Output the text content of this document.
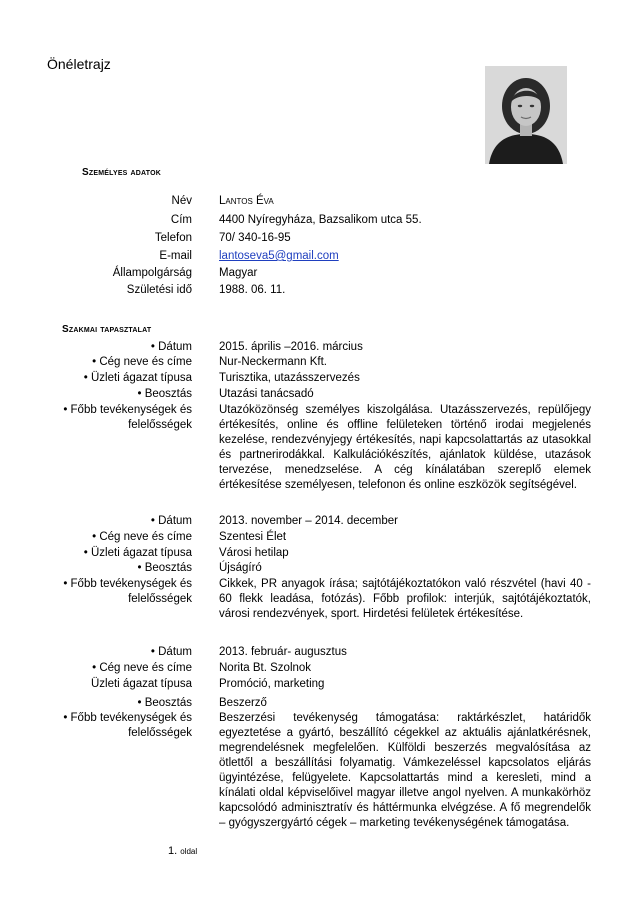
Önéletrajz
Személyes adatok
Név Lantos Éva
Cím 4400 Nyíregyháza, Bazsalikom utca 55.
Telefon 70/ 340-16-95
E-mail lantoseva5@gmail.com
Állampolgárság Magyar
Születési idő 1988. 06. 11.
Szakmai tapasztalat
• Dátum 2015. április –2016. március
• Cég neve és címe Nur-Neckermann Kft.
• Üzleti ágazat típusa Turisztika, utazásszervezés
• Beosztás Utazási tanácsadó
• Főbb tevékenységek és
felelősségek
Utazóközönség személyes kiszolgálása. Utazásszervezés, repülőjegy értékesítés, online és offline felületeken történő irodai megjelenés kezelése, rendezvényjegy értékesítés, napi kapcsolattartás az utasokkal és partnerirodákkal. Kalkulációkészítés, ajánlatok küldése, utazások tervezése, menedzselése. A cég kínálatában szereplő elemek értékesítése személyesen, telefonon és online eszközök segítségével.
• Dátum 2013. november – 2014. december
• Cég neve és címe Szentesi Élet
• Üzleti ágazat típusa Városi hetilap
• Beosztás Újságíró
• Főbb tevékenységek és
felelősségek
Cikkek, PR anyagok írása; sajtótájékoztatókon való részvétel (havi 40 - 60 flekk leadása, fotózás). Főbb profilok: interjúk, sajtótájékoztatók, városi rendezvények, sport. Hirdetési felületek értékesítése.
• Dátum 2013. február- augusztus
• Cég neve és címe Norita Bt. Szolnok
Üzleti ágazat típusa Promóció, marketing
• Beosztás Beszerző
• Főbb tevékenységek és
felelősségek
Beszerzési tevékenység támogatása: raktárkészlet, határidők egyeztetése a gyártó, beszállító cégekkel az aktuális ajánlatkérésnek, megrendelésnek megfelelően. Külföldi beszerzés megvalósítása az ötlettől a beszállítási folyamatig. Vámkezeléssel kapcsolatos eljárás ügyintézése, felügyelete. Kapcsolattartás mind a keresleti, mind a kínálati oldal képviselőivel magyar illetve angol nyelven. A munkakörhöz kapcsolódó adminisztratív és háttérmunka elvégzése. A fő megrendelők – gyógyszergyártó cégek – marketing tevékenységének támogatása.
1. oldal
